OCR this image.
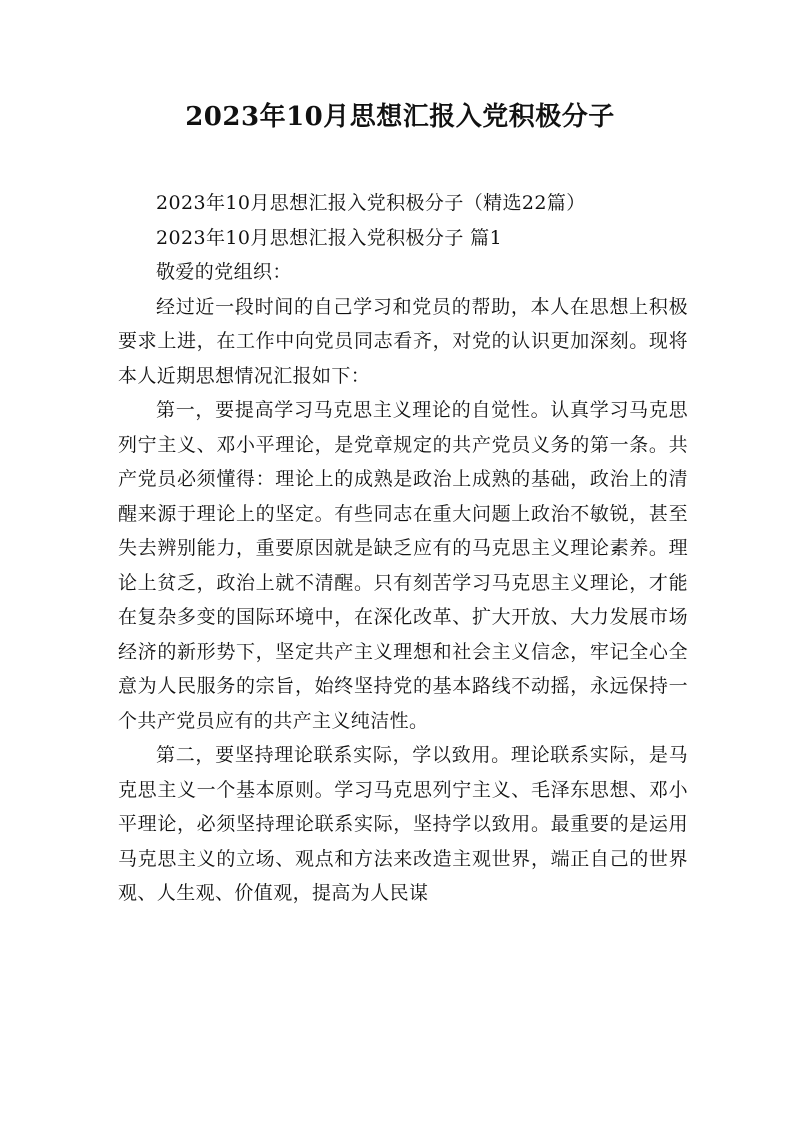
2023年10月思想汇报入党积极分子

2023年10月思想汇报入党积极分子（精选22篇）

2023年10月思想汇报入党积极分子 篇1

敬爱的党组织：

经过近一段时间的自己学习和党员的帮助，本人在思想上积极要求上进，在工作中向党员同志看齐，对党的认识更加深刻。现将本人近期思想情况汇报如下：

第一，要提高学习马克思主义理论的自觉性。认真学习马克思列宁主义、邓小平理论，是党章规定的共产党员义务的第一条。共产党员必须懂得：理论上的成熟是政治上成熟的基础，政治上的清醒来源于理论上的坚定。有些同志在重大问题上政治不敏锐，甚至失去辨别能力，重要原因就是缺乏应有的马克思主义理论素养。理论上贫乏，政治上就不清醒。只有刻苦学习马克思主义理论，才能在复杂多变的国际环境中，在深化改革、扩大开放、大力发展市场经济的新形势下，坚定共产主义理想和社会主义信念，牢记全心全意为人民服务的宗旨，始终坚持党的基本路线不动摇，永远保持一个共产党员应有的共产主义纯洁性。

第二，要坚持理论联系实际，学以致用。理论联系实际，是马克思主义一个基本原则。学习马克思列宁主义、毛泽东思想、邓小平理论，必须坚持理论联系实际，坚持学以致用。最重要的是运用马克思主义的立场、观点和方法来改造主观世界，端正自己的世界观、人生观、价值观，提高为人民谋
